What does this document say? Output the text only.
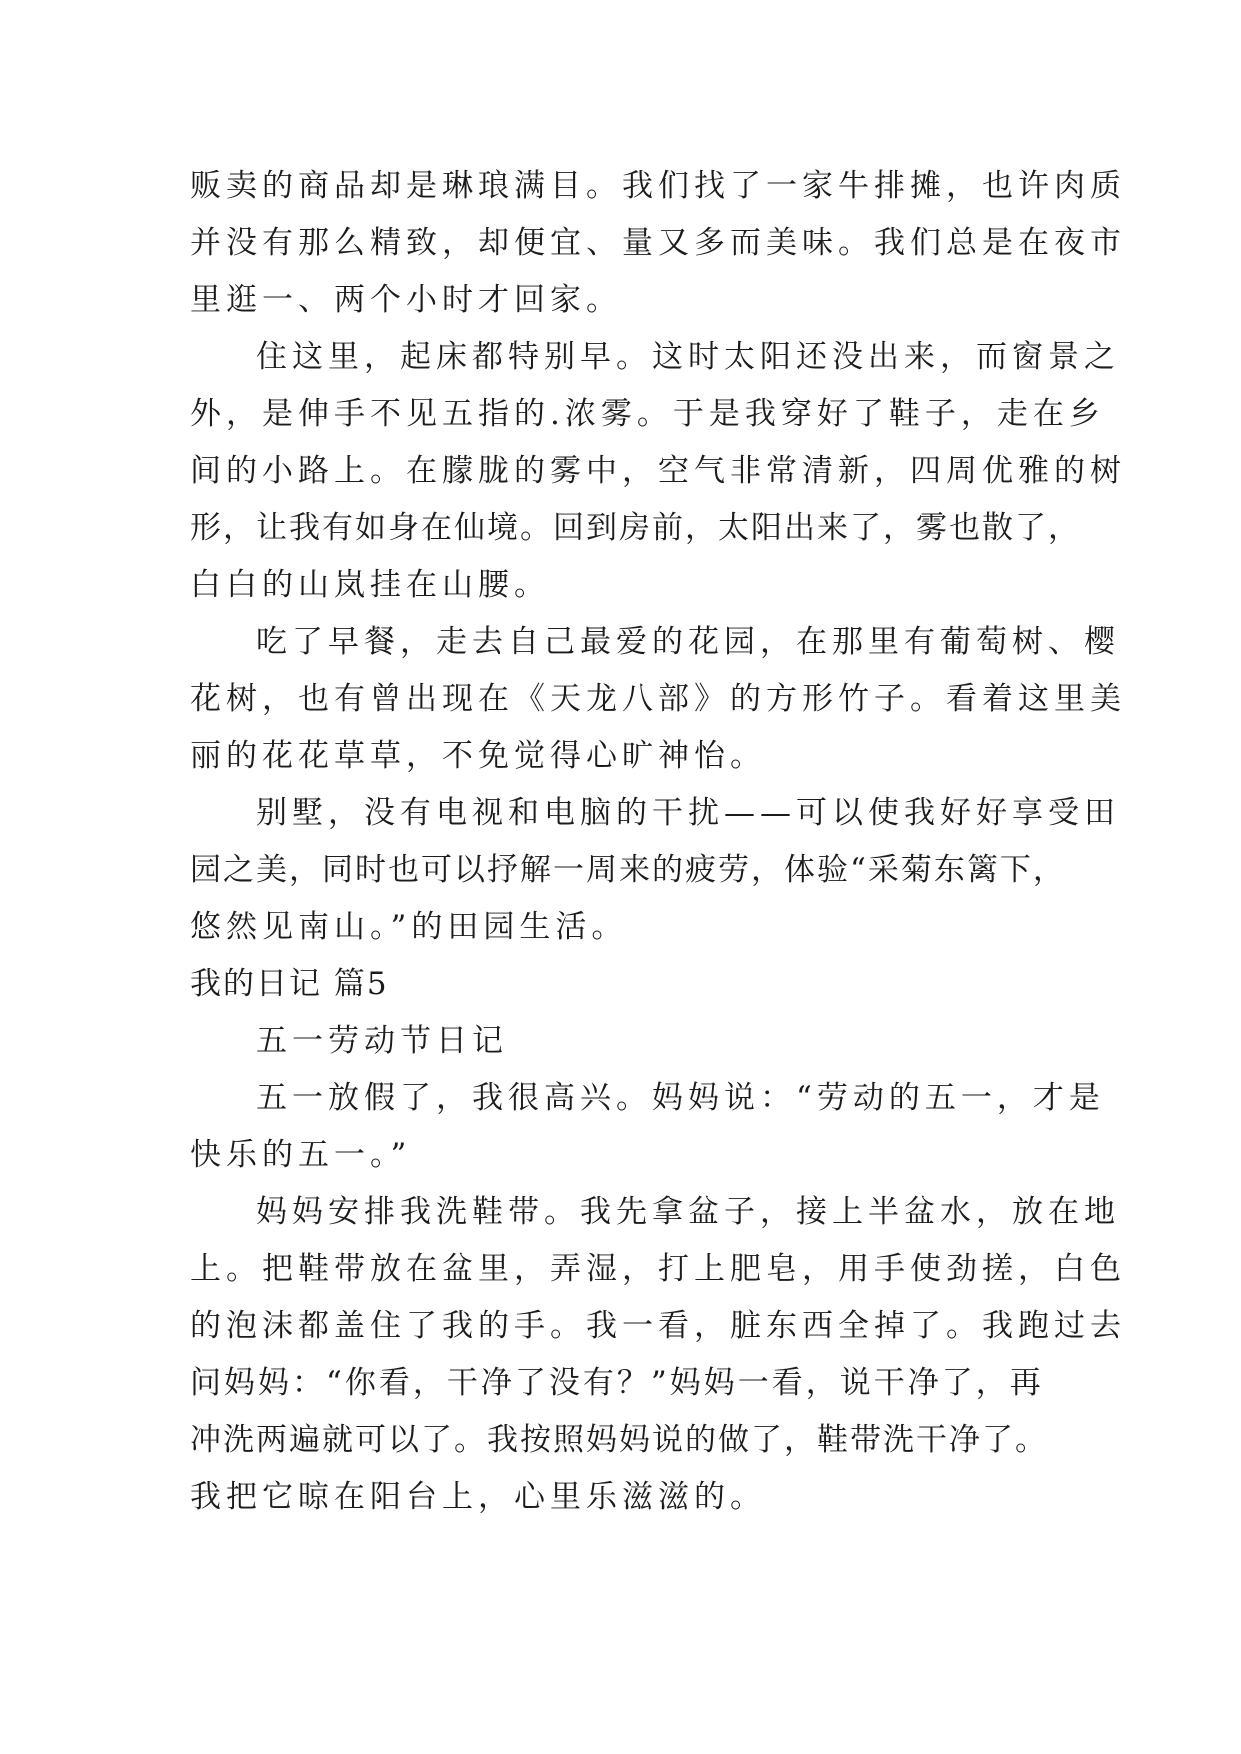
贩卖的商品却是琳琅满目。我们找了一家牛排摊，也许肉质
并没有那么精致，却便宜、量又多而美味。我们总是在夜市
里逛一、两个小时才回家。

住这里，起床都特别早。这时太阳还没出来，而窗景之
外，是伸手不见五指的.浓雾。于是我穿好了鞋子，走在乡
间的小路上。在朦胧的雾中，空气非常清新，四周优雅的树
形，让我有如身在仙境。回到房前，太阳出来了，雾也散了，
白白的山岚挂在山腰。

吃了早餐，走去自己最爱的花园，在那里有葡萄树、樱
花树，也有曾出现在《天龙八部》的方形竹子。看着这里美
丽的花花草草，不免觉得心旷神怡。

别墅，没有电视和电脑的干扰——可以使我好好享受田
园之美，同时也可以抒解一周来的疲劳，体验“采菊东篱下，
悠然见南山。”的田园生活。

我的日记 篇5

五一劳动节日记

五一放假了，我很高兴。妈妈说：“劳动的五一，才是
快乐的五一。”

妈妈安排我洗鞋带。我先拿盆子，接上半盆水，放在地
上。把鞋带放在盆里，弄湿，打上肥皂，用手使劲搓，白色
的泡沫都盖住了我的手。我一看，脏东西全掉了。我跑过去
问妈妈：“你看，干净了没有？”妈妈一看，说干净了，再
冲洗两遍就可以了。我按照妈妈说的做了，鞋带洗干净了。
我把它晾在阳台上，心里乐滋滋的。
